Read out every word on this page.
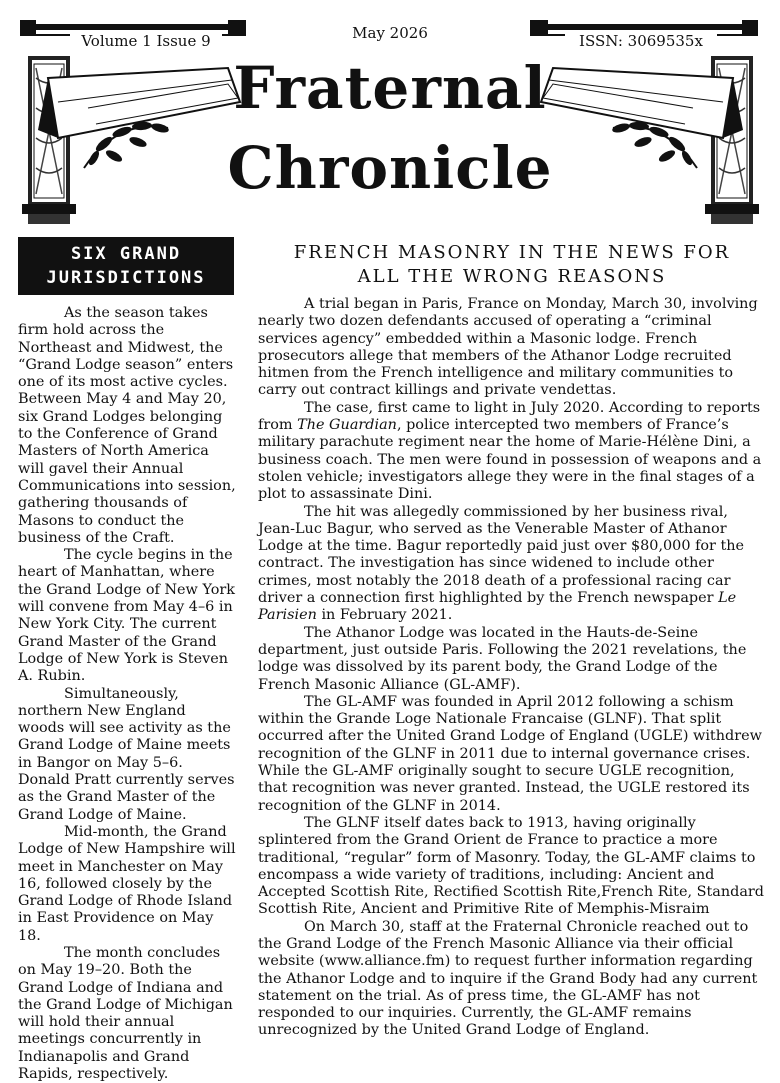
Volume 1 Issue 9	ISSN: 3069535x
May 2026
Fraternal
Chronicle
SIX GRAND
JURISDICTIONS

As the season takes firm hold across the Northeast and Midwest, the “Grand Lodge season” enters one of its most active cycles. Between May 4 and May 20, six Grand Lodges belonging to the Conference of Grand Masters of North America will gavel their Annual Communications into session, gathering thousands of Masons to conduct the business of the Craft.

The cycle begins in the heart of Manhattan, where the Grand Lodge of New York will convene from May 4–6 in New York City. The current Grand Master of the Grand Lodge of New York is Steven A. Rubin.

Simultaneously, northern New England woods will see activity as the Grand Lodge of Maine meets in Bangor on May 5–6. Donald Pratt currently serves as the Grand Master of the Grand Lodge of Maine.

Mid-month, the Grand Lodge of New Hampshire will meet in Manchester on May 16, followed closely by the Grand Lodge of Rhode Island in East Providence on May 18.

The month concludes on May 19–20. Both the Grand Lodge of Indiana and the Grand Lodge of Michigan will hold their annual meetings concurrently in Indianapolis and Grand Rapids, respectively.

FRENCH MASONRY IN THE NEWS FOR
ALL THE WRONG REASONS

A trial began in Paris, France on Monday, March 30, involving nearly two dozen defendants accused of operating a “criminal services agency” embedded within a Masonic lodge. French prosecutors allege that members of the Athanor Lodge recruited hitmen from the French intelligence and military communities to carry out contract killings and private vendettas.

The case, first came to light in July 2020. According to reports from The Guardian, police intercepted two members of France’s military parachute regiment near the home of Marie-Hélène Dini, a business coach. The men were found in possession of weapons and a stolen vehicle; investigators allege they were in the final stages of a plot to assassinate Dini.

The hit was allegedly commissioned by her business rival, Jean-Luc Bagur, who served as the Venerable Master of Athanor Lodge at the time. Bagur reportedly paid just over $80,000 for the contract. The investigation has since widened to include other crimes, most notably the 2018 death of a professional racing car driver a connection first highlighted by the French newspaper Le Parisien in February 2021.

The Athanor Lodge was located in the Hauts-de-Seine department, just outside Paris. Following the 2021 revelations, the lodge was dissolved by its parent body, the Grand Lodge of the French Masonic Alliance (GL-AMF).

The GL-AMF was founded in April 2012 following a schism within the Grande Loge Nationale Francaise (GLNF). That split occurred after the United Grand Lodge of England (UGLE) withdrew recognition of the GLNF in 2011 due to internal governance crises. While the GL-AMF originally sought to secure UGLE recognition, that recognition was never granted. Instead, the UGLE restored its recognition of the GLNF in 2014.

The GLNF itself dates back to 1913, having originally splintered from the Grand Orient de France to practice a more traditional, “regular” form of Masonry. Today, the GL-AMF claims to encompass a wide variety of traditions, including: Ancient and Accepted Scottish Rite, Rectified Scottish Rite,French Rite, Standard Scottish Rite, Ancient and Primitive Rite of Memphis-Misraim

On March 30, staff at the Fraternal Chronicle reached out to the Grand Lodge of the French Masonic Alliance via their official website (www.alliance.fm) to request further information regarding the Athanor Lodge and to inquire if the Grand Body had any current statement on the trial. As of press time, the GL-AMF has not responded to our inquiries. Currently, the GL-AMF remains unrecognized by the United Grand Lodge of England.
